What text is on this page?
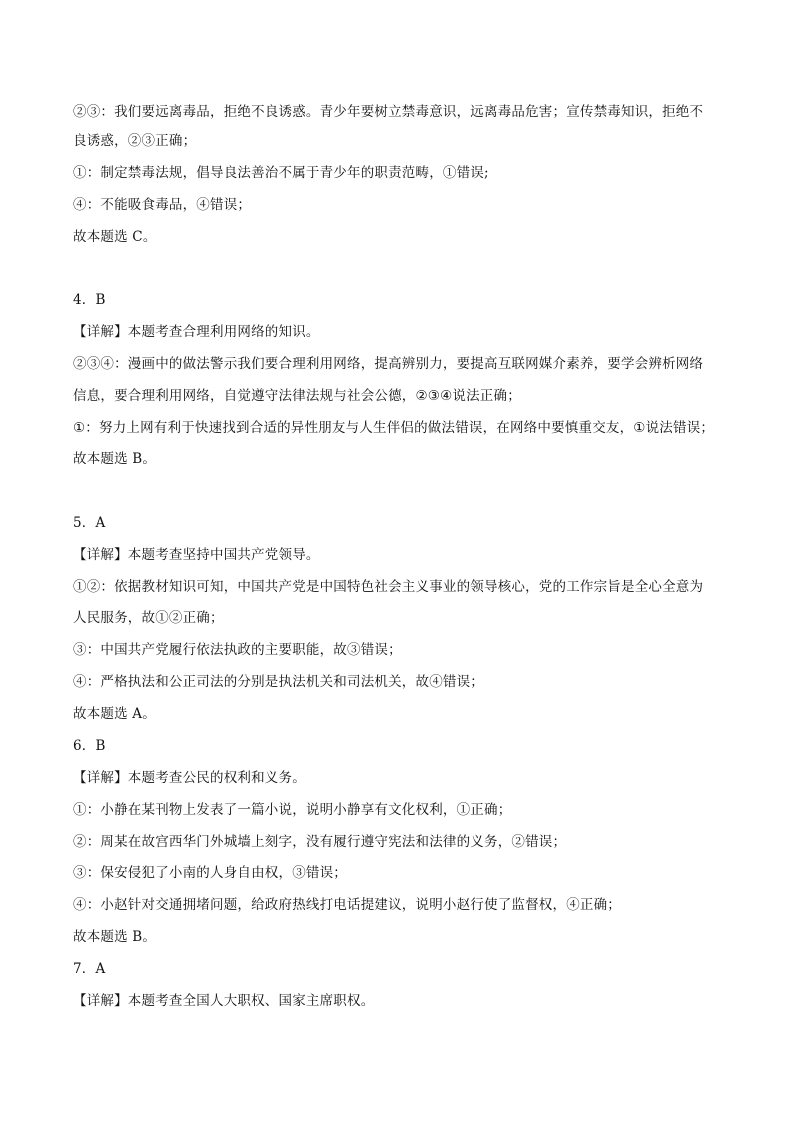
②③：我们要远离毒品，拒绝不良诱惑。青少年要树立禁毒意识，远离毒品危害；宣传禁毒知识，拒绝不
良诱惑，②③正确；
①：制定禁毒法规，倡导良法善治不属于青少年的职责范畴，①错误;
④：不能吸食毒品，④错误；
故本题选 C。
4．B
【详解】本题考查合理利用网络的知识。
②③④：漫画中的做法警示我们要合理利用网络，提高辨别力，要提高互联网媒介素养，要学会辨析网络
信息，要合理利用网络，自觉遵守法律法规与社会公德，②③④说法正确；
①：努力上网有利于快速找到合适的异性朋友与人生伴侣的做法错误，在网络中要慎重交友，①说法错误；
故本题选 B。
5．A
【详解】本题考查坚持中国共产党领导。
①②：依据教材知识可知，中国共产党是中国特色社会主义事业的领导核心，党的工作宗旨是全心全意为
人民服务，故①②正确；
③：中国共产党履行依法执政的主要职能，故③错误；
④：严格执法和公正司法的分别是执法机关和司法机关，故④错误；
故本题选 A。
6．B
【详解】本题考查公民的权利和义务。
①：小静在某刊物上发表了一篇小说，说明小静享有文化权利，①正确；
②：周某在故宫西华门外城墙上刻字，没有履行遵守宪法和法律的义务，②错误；
③：保安侵犯了小南的人身自由权，③错误；
④：小赵针对交通拥堵问题，给政府热线打电话提建议，说明小赵行使了监督权，④正确；
故本题选 B。
7．A
【详解】本题考查全国人大职权、国家主席职权。
